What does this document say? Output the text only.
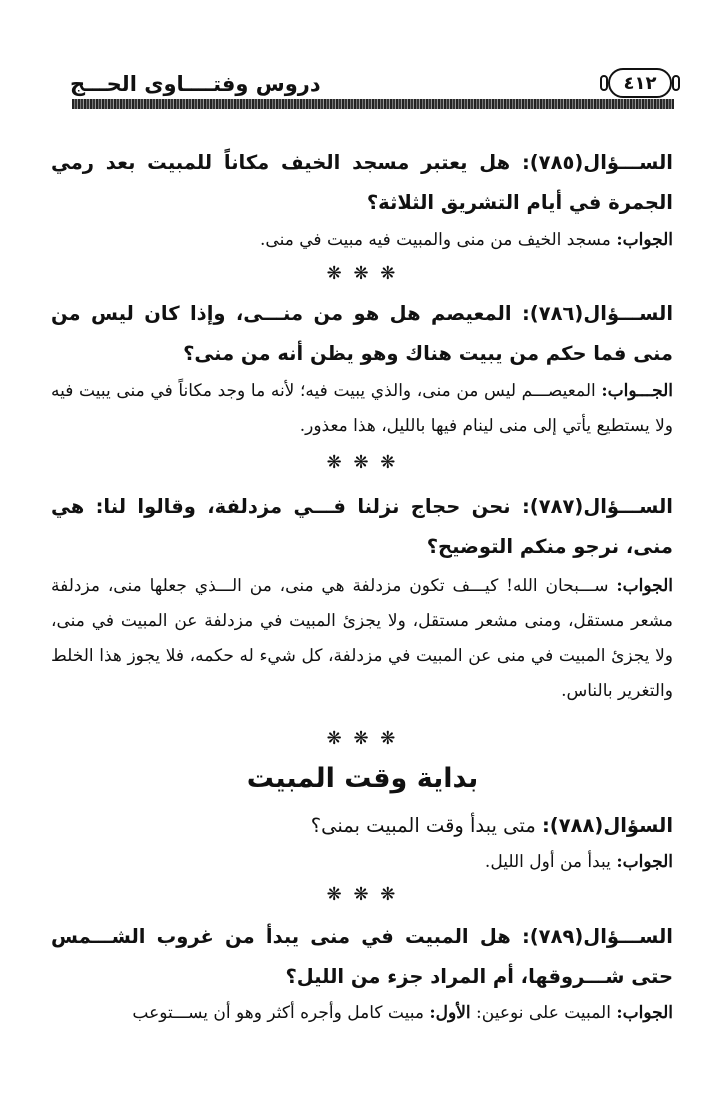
٤١٢
دروس وفتــــاوى الحـــج
الســـؤال(٧٨٥): هل يعتبر مسجد الخيف مكاناً للمبيت بعد رمي الجمرة في أيام التشريق الثلاثة؟
الجواب: مسجد الخيف من منى والمبيت فيه مبيت في منى.
❋ ❋ ❋
الســـؤال(٧٨٦): المعيصم هل هو من منـــى، وإذا كان ليس من منى فما حكم من يبيت هناك وهو يظن أنه من منى؟
الجـــواب: المعيصـــم ليس من منى، والذي يبيت فيه؛ لأنه ما وجد مكاناً في منى يبيت فيه ولا يستطيع يأتي إلى منى لينام فيها بالليل، هذا معذور.
❋ ❋ ❋
الســـؤال(٧٨٧): نحن حجاج نزلنا فـــي مزدلفة، وقالوا لنا: هي منى، نرجو منكم التوضيح؟
الجواب: ســـبحان الله! كيـــف تكون مزدلفة هي منى، من الـــذي جعلها منى، مزدلفة مشعر مستقل، ومنى مشعر مستقل، ولا يجزئ المبيت في مزدلفة عن المبيت في منى، ولا يجزئ المبيت في منى عن المبيت في مزدلفة، كل شيء له حكمه، فلا يجوز هذا الخلط والتغرير بالناس.
❋ ❋ ❋
بداية وقت المبيت
السؤال(٧٨٨): متى يبدأ وقت المبيت بمنى؟
الجواب: يبدأ من أول الليل.
❋ ❋ ❋
الســـؤال(٧٨٩): هل المبيت في منى يبدأ من غروب الشـــمس حتى شـــروقها، أم المراد جزء من الليل؟
الجواب: المبيت على نوعين: الأول: مبيت كامل وأجره أكثر وهو أن يســـتوعب
